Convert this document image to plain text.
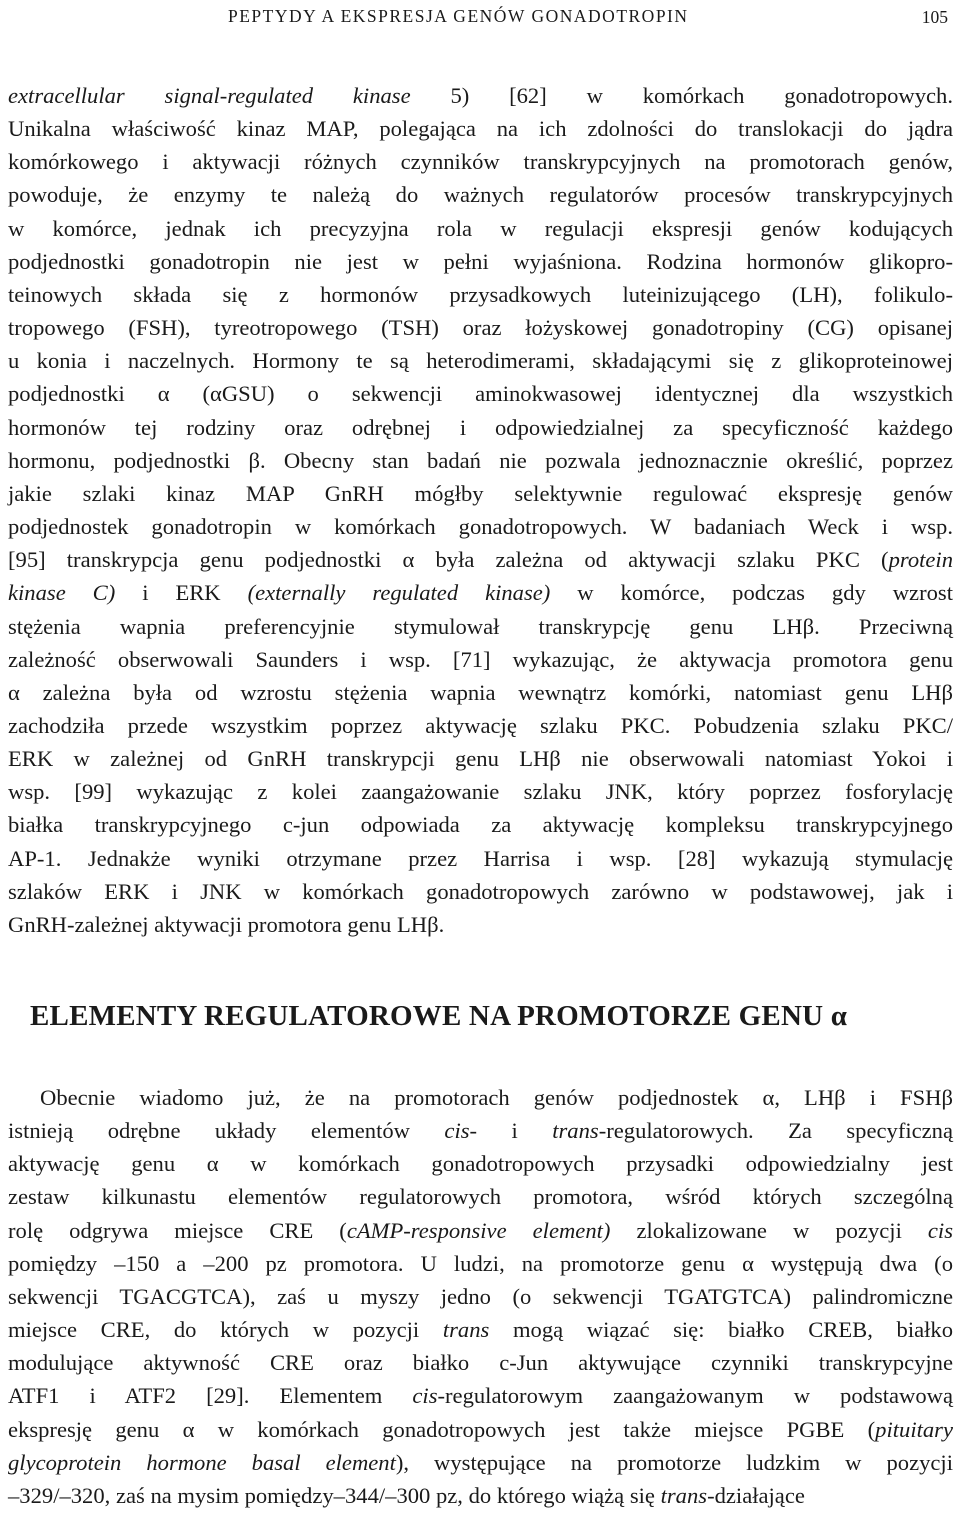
PEPTYDY A EKSPRESJA GENÓW GONADOTROPIN	105
extracellular signal-regulated kinase 5) [62] w komórkach gonadotropowych.
Unikalna właściwość kinaz MAP, polegająca na ich zdolności do translokacji do jądra
komórkowego i aktywacji różnych czynników transkrypcyjnych na promotorach genów,
powoduje, że enzymy te należą do ważnych regulatorów procesów transkrypcyjnych
w komórce, jednak ich precyzyjna rola w regulacji ekspresji genów kodujących
podjednostki gonadotropin nie jest w pełni wyjaśniona. Rodzina hormonów glikopro-
teinowych składa się z hormonów przysadkowych luteinizującego (LH), folikulo-
tropowego (FSH), tyreotropowego (TSH) oraz łożyskowej gonadotropiny (CG) opisanej
u konia i naczelnych. Hormony te są heterodimerami, składającymi się z glikoproteinowej
podjednostki α (αGSU) o sekwencji aminokwasowej identycznej dla wszystkich
hormonów tej rodziny oraz odrębnej i odpowiedzialnej za specyficzność każdego
hormonu, podjednostki β. Obecny stan badań nie pozwala jednoznacznie określić, poprzez
jakie szlaki kinaz MAP GnRH mógłby selektywnie regulować ekspresję genów
podjednostek gonadotropin w komórkach gonadotropowych. W badaniach Weck i wsp.
[95] transkrypcja genu podjednostki α była zależna od aktywacji szlaku PKC (protein
kinase C) i ERK (externally regulated kinase) w komórce, podczas gdy wzrost
stężenia wapnia preferencyjnie stymulował transkrypcję genu LHβ. Przeciwną
zależność obserwowali Saunders i wsp. [71] wykazując, że aktywacja promotora genu
α zależna była od wzrostu stężenia wapnia wewnątrz komórki, natomiast genu LHβ
zachodziła przede wszystkim poprzez aktywację szlaku PKC. Pobudzenia szlaku PKC/
ERK w zależnej od GnRH transkrypcji genu LHβ nie obserwowali natomiast Yokoi i
wsp. [99] wykazując z kolei zaangażowanie szlaku JNK, który poprzez fosforylację
białka transkrypcyjnego c-jun odpowiada za aktywację kompleksu transkrypcyjnego
AP-1. Jednakże wyniki otrzymane przez Harrisa i wsp. [28] wykazują stymulację
szlaków ERK i JNK w komórkach gonadotropowych zarówno w podstawowej, jak i
GnRH-zależnej aktywacji promotora genu LHβ.
ELEMENTY REGULATOROWE NA PROMOTORZE GENU α
Obecnie wiadomo już, że na promotorach genów podjednostek α, LHβ i FSHβ
istnieją odrębne układy elementów cis- i trans-regulatorowych. Za specyficzną
aktywację genu α w komórkach gonadotropowych przysadki odpowiedzialny jest
zestaw kilkunastu elementów regulatorowych promotora, wśród których szczególną
rolę odgrywa miejsce CRE (cAMP-responsive element) zlokalizowane w pozycji cis
pomiędzy –150 a –200 pz promotora. U ludzi, na promotorze genu α występują dwa (o
sekwencji TGACGTCA), zaś u myszy jedno (o sekwencji TGATGTCA) palindromiczne
miejsce CRE, do których w pozycji trans mogą wiązać się: białko CREB, białko
modulujące aktywność CRE oraz białko c-Jun aktywujące czynniki transkrypcyjne
ATF1 i ATF2 [29]. Elementem cis-regulatorowym zaangażowanym w podstawową
ekspresję genu α w komórkach gonadotropowych jest także miejsce PGBE (pituitary
glycoprotein hormone basal element), występujące na promotorze ludzkim w pozycji
–329/–320, zaś na mysim pomiędzy–344/–300 pz, do którego wiążą się trans-działające
